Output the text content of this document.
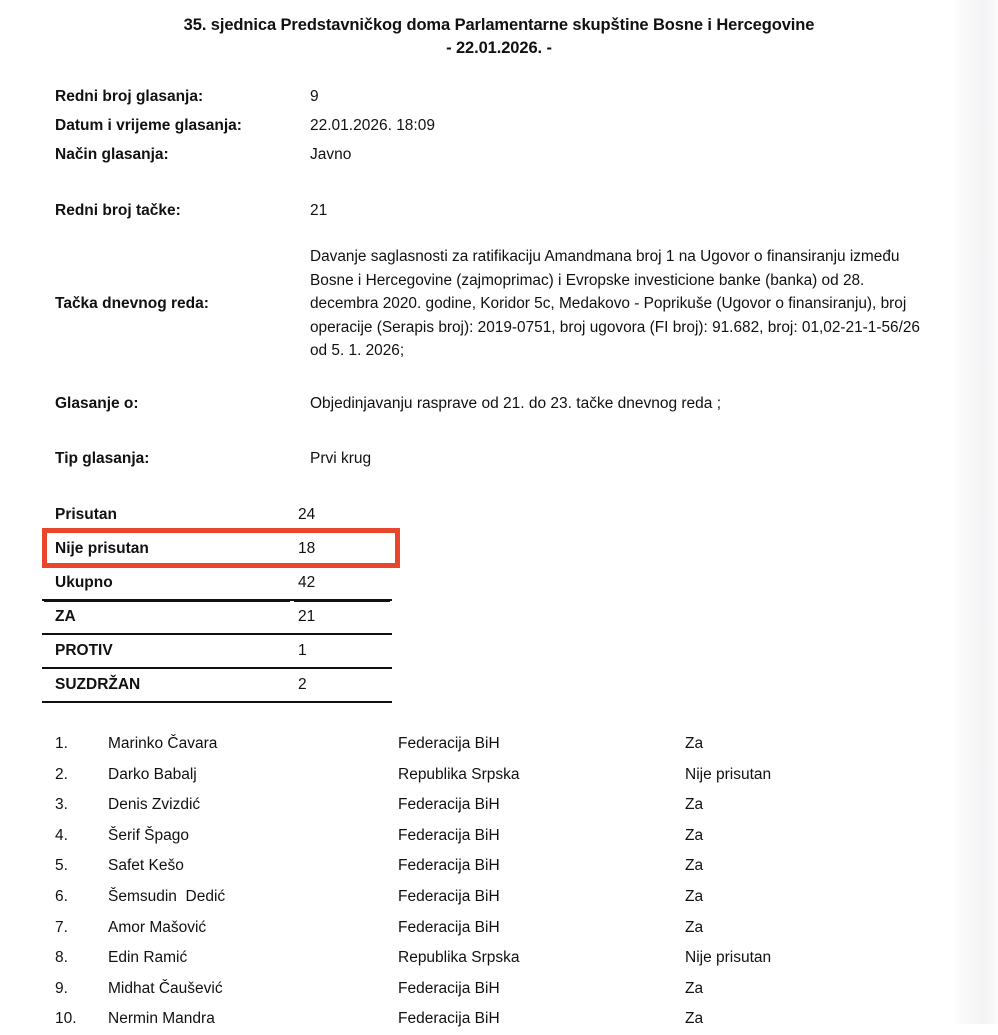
35. sjednica Predstavničkog doma Parlamentarne skupštine Bosne i Hercegovine
- 22.01.2026. -
Redni broj glasanja:	9
Datum i vrijeme glasanja:	22.01.2026. 18:09
Način glasanja:	Javno
Redni broj tačke:	21
Tačka dnevnog reda:
Davanje saglasnosti za ratifikaciju Amandmana broj 1 na Ugovor o finansiranju između Bosne i Hercegovine (zajmoprimac) i Evropske investicione banke (banka) od 28. decembra 2020. godine, Koridor 5c, Medakovo - Poprikuše (Ugovor o finansiranju), broj operacije (Serapis broj): 2019-0751, broj ugovora (FI broj): 91.682, broj: 01,02-21-1-56/26 od 5. 1. 2026;
Glasanje o:	Objedinjavanju rasprave od 21. do 23. tačke dnevnog reda ;
Tip glasanja:	Prvi krug
Prisutan	24
Nije prisutan	18
Ukupno	42
ZA	21
PROTIV	1
SUZDRŽAN	2
1.	Marinko Čavara	Federacija BiH	Za
2.	Darko Babalj	Republika Srpska	Nije prisutan
3.	Denis Zvizdić	Federacija BiH	Za
4.	Šerif Špago	Federacija BiH	Za
5.	Safet Kešo	Federacija BiH	Za
6.	Šemsudin  Dedić	Federacija BiH	Za
7.	Amor Mašović	Federacija BiH	Za
8.	Edin Ramić	Republika Srpska	Nije prisutan
9.	Midhat Čaušević	Federacija BiH	Za
10.	Nermin Mandra	Federacija BiH	Za
